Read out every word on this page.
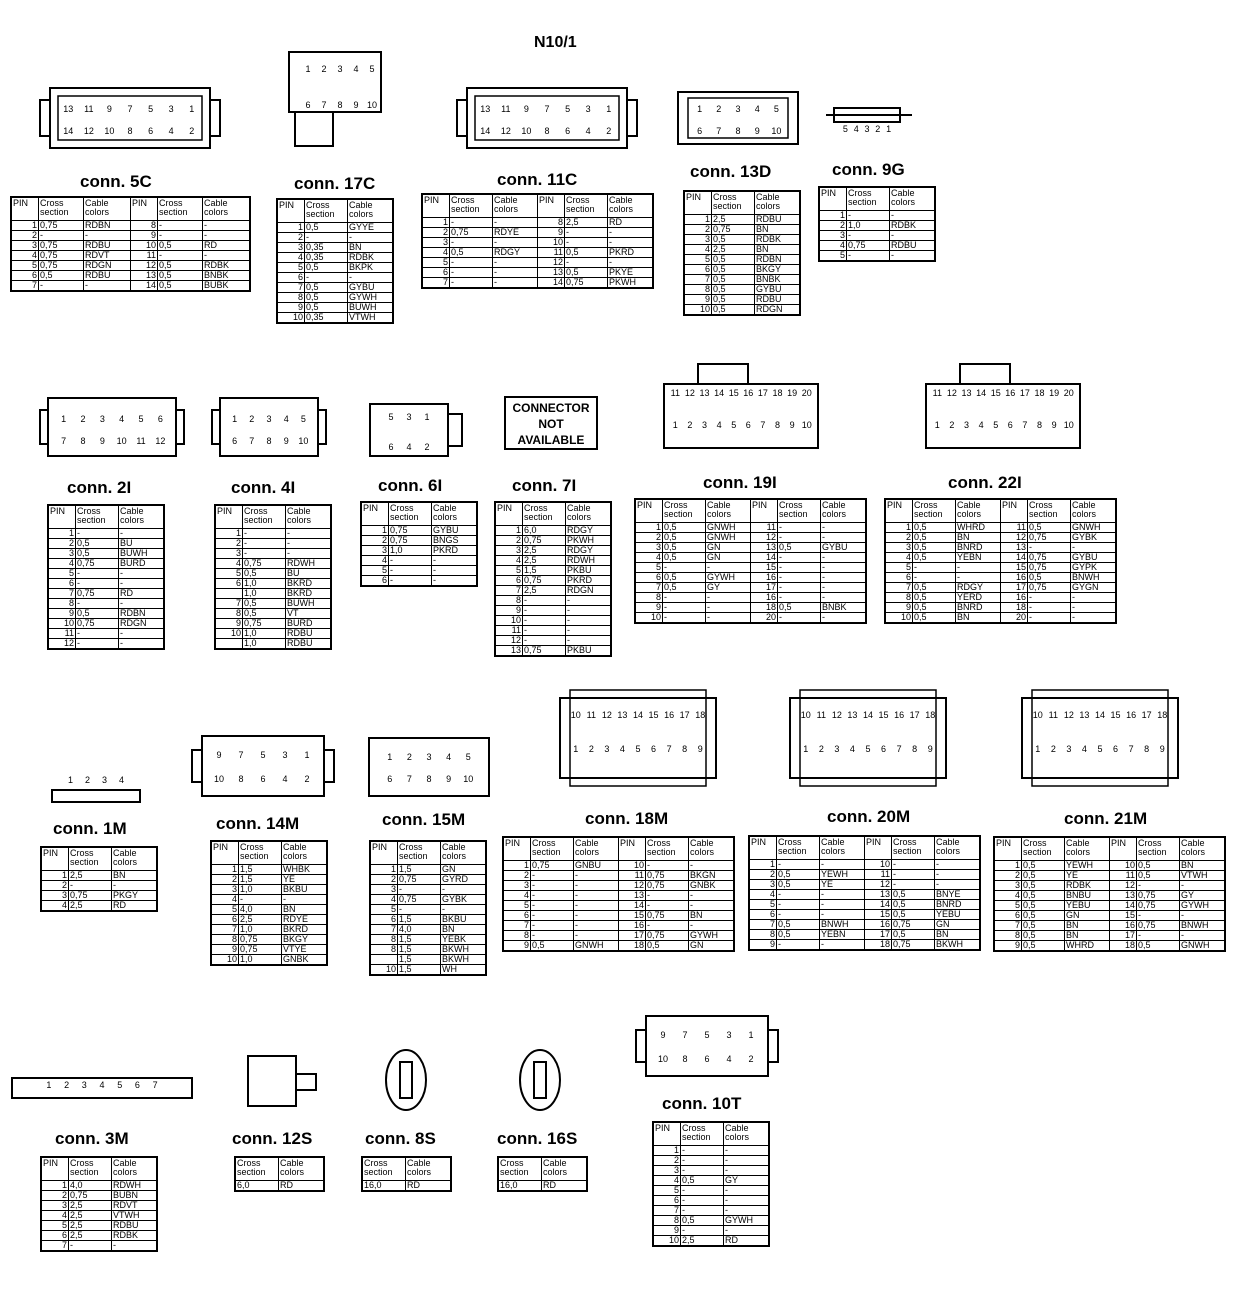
N10/1
13 11 9 7 5 3 1
14 12 10 8 6 4 2
13 11 9 7 5 3 1
14 12 10 8 6 4 2
1 2 3 4 5
6 7 8 9 10	1 2 3 4 5
6 7 8 9 10	5 4 3 2 1
1 2 3 4 5 6
7 8 9 10 11 12
1 2 3 4 5
6 7 8 9 10
5 3 1
6 4 2
11 12 13 14 15 16 17 18 19 20
1 2 3 4 5 6 7 8 9 10
11 12 13 14 15 16 17 18 19 20
1 2 3 4 5 6 7 8 9 10
10 11 12 13 14 15 16 17 18
1 2 3 4 5 6 7 8 9
10 11 12 13 14 15 16 17 18
1 2 3 4 5 6 7 8 9
10 11 12 13 14 15 16 17 18
1 2 3 4 5 6 7 8 9
1 2 3 4
9 7 5 3 1
10 8 6 4 2
9 7 5 3 1
10 8 6 4 2
1 2 3 4 5
6 7 8 9 10
1 2 3 4 5 6 7
CONNECTOR
NOT
AVAILABLE
conn. 5C
PIN	Cross section	Cable colors	PIN	Cross section	Cable colors
1	0,75	RDBN	8	-	-
2	-	-	9	-	-
3	0,75	RDBU	10	0,5	RD
4	0,75	RDVT	11	-	-
5	0,75	RDGN	12	0,5	RDBK
6	0,5	RDBU	13	0,5	BNBK
7	-	-	14	0,5	BUBK
conn. 17C
PIN	Cross section	Cable colors
1	0,5	GYYE
2	-	-
3	0,35	BN
4	0,35	RDBK
5	0,5	BKPK
6	-	-
7	0,5	GYBU
8	0,5	GYWH
9	0,5	BUWH
10	0,35	VTWH
conn. 11C
PIN	Cross section	Cable colors	PIN	Cross section	Cable colors
1	-	-	8	2,5	RD
2	0,75	RDYE	9	-	-
3	-	-	10	-	-
4	0,5	RDGY	11	0,5	PKRD
5	-	-	12	-	-
6	-	-	13	0,5	PKYE
7	-	-	14	0,75	PKWH
conn. 13D
PIN	Cross section	Cable colors
1	2,5	RDBU
2	0,75	BN
3	0,5	RDBK
4	2,5	BN
5	0,5	RDBN
6	0,5	BKGY
7	0,5	BNBK
8	0,5	GYBU
9	0,5	RDBU
10	0,5	RDGN
conn. 9G
PIN	Cross section	Cable colors
1	-	-
2	1,0	RDBK
3	-	-
4	0,75	RDBU
5	-	-
conn. 2I
PIN	Cross section	Cable colors
1	-	-
2	0,5	BU
3	0,5	BUWH
4	0,75	BURD
5	-	-
6	-	-
7	0,75	RD
8	-	-
9	0,5	RDBN
10	0,75	RDGN
11	-	-
12	-	-
conn. 4I
PIN	Cross section	Cable colors
1	-	-
2	-	-
3	-	-
4	0,75	RDWH
5	0,5	BU
6	1,0	BKRD
	1,0	BKRD
7	0,5	BUWH
8	0,5	VT
9	0,75	BURD
10	1,0	RDBU
	1,0	RDBU
conn. 6I
PIN	Cross section	Cable colors
1	0,75	GYBU
2	0,75	BNGS
3	1,0	PKRD
4	-	-
5	-	-
6	-	-
conn. 7I
PIN	Cross section	Cable colors
1	6,0	RDGY
2	0,75	PKWH
3	2,5	RDGY
4	2,5	RDWH
5	1,5	PKBU
6	0,75	PKRD
7	2,5	RDGN
8	-	-
9	-	-
10	-	-
11	-	-
12	-	-
13	0,75	PKBU
conn. 19I
PIN	Cross section	Cable colors	PIN	Cross section	Cable colors
1	0,5	GNWH	11	-	-
2	0,5	GNWH	12	-	-
3	0,5	GN	13	0,5	GYBU
4	0,5	GN	14	-	-
5	-	-	15	-	-
6	0,5	GYWH	16	-	-
7	0,5	GY	17	-	-
8	-	-	16	-	-
9	-	-	18	0,5	BNBK
10	-	-	20	-	-
conn. 22I
PIN	Cross section	Cable colors	PIN	Cross section	Cable colors
1	0,5	WHRD	11	0,5	GNWH
2	0,5	BN	12	0,75	GYBK
3	0,5	BNRD	13	-	-
4	0,5	YEBN	14	0,75	GYBU
5	-	-	15	0,75	GYPK
6	-	-	16	0,5	BNWH
7	0,5	RDGY	17	0,75	GYGN
8	0,5	YERD	16	-	-
9	0,5	BNRD	18	-	-
10	0,5	BN	20	-	-
conn. 1M
PIN	Cross section	Cable colors
1	2,5	BN
2	-	-
3	0,75	PKGY
4	2,5	RD
conn. 14M
PIN	Cross section	Cable colors
1	1,5	WHBK
2	1,5	YE
3	1,0	BKBU
4	-	-
5	4,0	BN
6	2,5	RDYE
7	1,0	BKRD
8	0,75	BKGY
9	0,75	VTYE
10	1,0	GNBK
conn. 15M
PIN	Cross section	Cable colors
1	1,5	GN
2	0,75	GYRD
3	-	-
4	0,75	GYBK
5	-	-
6	1,5	BKBU
7	4,0	BN
8	1,5	YEBK
8	1,5	BKWH
	1,5	BKWH
10	1,5	WH
conn. 18M
PIN	Cross section	Cable colors	PIN	Cross section	Cable colors
1	0,75	GNBU	10	-	-
2	-	-	11	0,75	BKGN
3	-	-	12	0,75	GNBK
4	-	-	13	-	-
5	-	-	14	-	-
6	-	-	15	0,75	BN
7	-	-	16	-	-
8	-	-	17	0,75	GYWH
9	0,5	GNWH	18	0,5	GN
conn. 20M
PIN	Cross section	Cable colors	PIN	Cross section	Cable colors
1	-	-	10	-	-
2	0,5	YEWH	11	-	-
3	0,5	YE	12	-	-
4	-	-	13	0,5	BNYE
5	-	-	14	0,5	BNRD
6	-	-	15	0,5	YEBU
7	0,5	BNWH	16	0,75	GN
8	0,5	YEBN	17	0,5	BN
9	-	-	18	0,75	BKWH
conn. 21M
PIN	Cross section	Cable colors	PIN	Cross section	Cable colors
1	0,5	YEWH	10	0,5	BN
2	0,5	YE	11	0,5	VTWH
3	0,5	RDBK	12	-	-
4	0,5	BNBU	13	0,75	GY
5	0,5	YEBU	14	0,75	GYWH
6	0,5	GN	15	-	-
7	0,5	BN	16	0,75	BNWH
8	0,5	BN	17	-	-
9	0,5	WHRD	18	0,5	GNWH
conn. 3M
PIN	Cross section	Cable colors
1	4,0	RDWH
2	0,75	BUBN
3	2,5	RDVT
4	2,5	VTWH
5	2,5	RDBU
6	2,5	RDBK
7	-	-
conn. 12S
Cross section	Cable colors
6,0	RD
conn. 8S
Cross section	Cable colors
16,0	RD
conn. 16S
Cross section	Cable colors
16,0	RD
conn. 10T
PIN	Cross section	Cable colors
1	-	-
2	-	-
3	-	-
4	0,5	GY
5	-	-
6	-	-
7	-	-
8	0,5	GYWH
9	-	-
10	2,5	RD
